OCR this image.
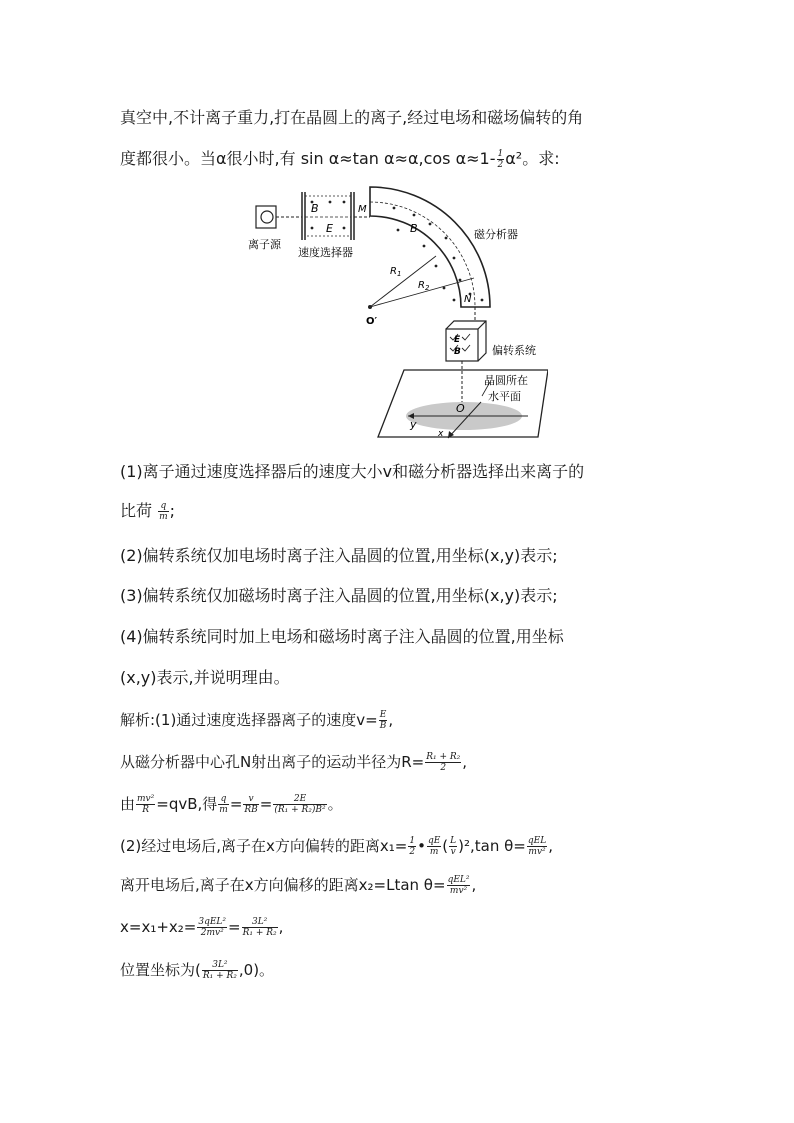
真空中,不计离子重力,打在晶圆上的离子,经过电场和磁场偏转的角
度都很小。当α很小时,有 sin α≈tan α≈α,cos $\alpha\approx 1- \frac{1}{2} \alpha^2$。求:
离子源
B
E
速度选择器
M
B	磁分析器
$R_1$
$R_2$
O′
N
E
B	偏转系统
O
y
x
晶圆所在
水平面
(1)离子通过速度选择器后的速度大小v和磁分析器选择出来离子的
比荷 $\frac{q}{m}$ ;
(2)偏转系统仅加电场时离子注入晶圆的位置,用坐标(x,y)表示;
(3)偏转系统仅加磁场时离子注入晶圆的位置,用坐标(x,y)表示;
(4)偏转系统同时加上电场和磁场时离子注入晶圆的位置,用坐标
(x,y)表示,并说明理由。
解析:(1)通过速度选择器离子的速度$v= \frac{E}{B}$ ,
从磁分析器中心孔N射出离子的运动半径为$R= \frac{\text{R₁ + R₂}}{2}$ ,
由 $\frac{\text{mv²}}{R} =qvB$,得 $\frac{q}{m} = \frac{v}{RB} = \frac{2E}{\text{(R₁ + R₂)B²}}$ 。
(2)经过电场后,离子在x方向偏转的距离$x_1= \frac{1}{2}$ • $\frac{qE}{m}$ ( $\frac{L}{v} )^2,\tan$ $\theta= \frac{\text{qEL}}{\text{mv²}}$ ,
离开电场后,离子在x方向偏移的距离x₂=Ltan $\theta= \frac{\text{qEL²}}{\text{mv²}}$ ,
$x=x_1+x_2= \frac{\text{3qEL²}}{\text{2mv²}} = \frac{\text{3L²}}{\text{R₁ + R₂}}$ ,
位置坐标为( $\frac{\text{3L²}}{\text{R₁ + R₂}} ,0$)。
